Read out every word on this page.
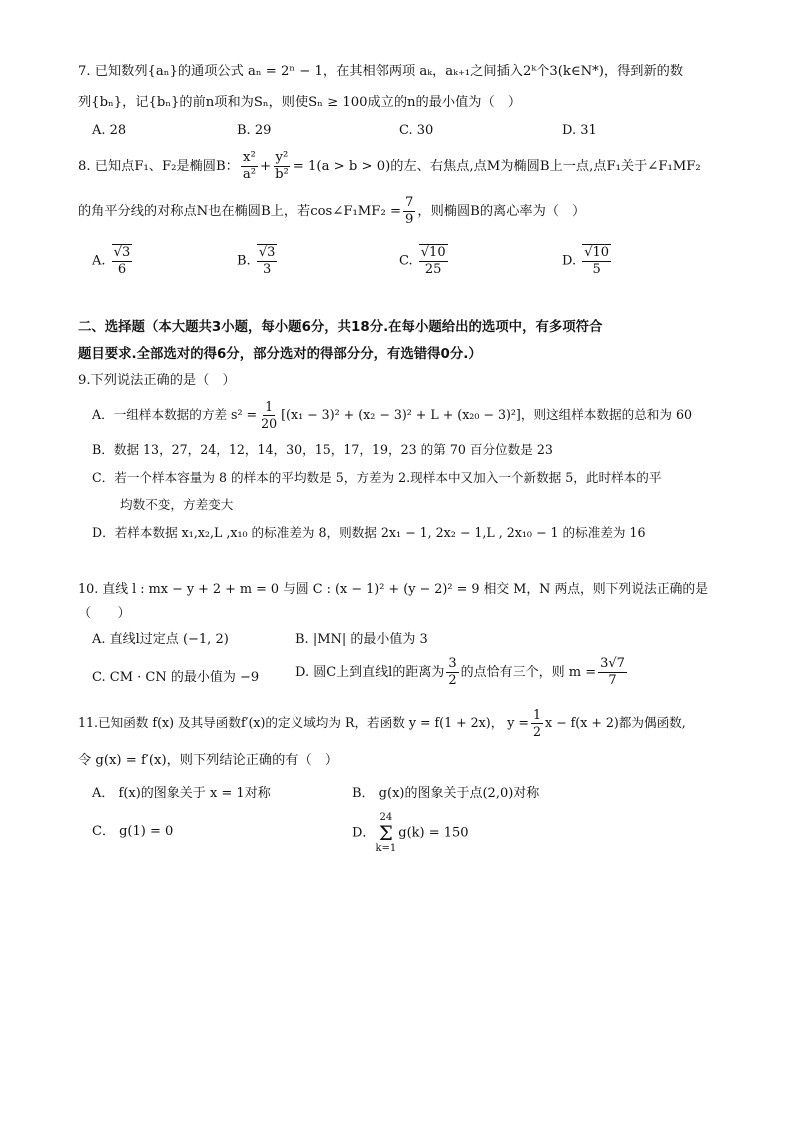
7. 已知数列{aₙ}的通项公式 aₙ = 2ⁿ − 1，在其相邻两项 aₖ，aₖ₊₁之间插入2ᵏ个3(k∈N*)，得到新的数
列{bₙ}，记{bₙ}的前n项和为Sₙ，则使Sₙ ≥ 100成立的n的最小值为（　）
A. 28	B. 29	C. 30	D. 31
8. 已知点F₁、F₂是椭圆B： $\frac{\text{x²}}{\text{a²}} + \frac{\text{y²}}{\text{b²}} = 1(a > b > 0)$的左、右焦点,点M为椭圆B上一点,点F₁关于∠F₁MF₂
的角平分线的对称点N也在椭圆B上，若cos∠F₁MF₂ = $\frac{7}{9}$ ，则椭圆B的离心率为（　）
A. $\frac{√3}{6}$	B. $\frac{√3}{3}$	C. $\frac{√10}{25}$	D. $\frac{√10}{5}$
二、选择题（本大题共3小题，每小题6分，共18分.在每小题给出的选项中，有多项符合
题目要求.全部选对的得6分，部分选对的得部分分，有选错得0分.）
9.下列说法正确的是（　）
A．一组样本数据的方差 $s^2 = \frac{1}{20} [(x_1 - 3)^2 + (x_2 - 3)^2 + L + (x_{20} - 3)^2]$，则这组样本数据的总和为 60
B．数据 13，27，24，12，14，30，15，17，19，23 的第 70 百分位数是 23
C．若一个样本容量为 8 的样本的平均数是 5，方差为 2.现样本中又加入一个新数据 5，此时样本的平
均数不变，方差变大
D．若样本数据 x₁,x₂,L ,x₁₀ 的标准差为 8，则数据 2x₁ − 1, 2x₂ − 1,L , 2x₁₀ − 1 的标准差为 16
10. 直线 l : mx − y + 2 + m = 0 与圆 C : (x − 1)² + (y − 2)² = 9 相交 M，N 两点，则下列说法正确的是
（　　）
A. 直线l过定点 (−1, 2)	B. |MN| 的最小值为 3
C. CM · CN 的最小值为 −9	D. 圆C上到直线l的距离为 $\frac{3}{2}$ 的点恰有三个，则 $m = \frac{3√7}{7}$
11.已知函数 f(x) 及其导函数f′(x)的定义域均为 R，若函数 y = f(1 + 2x)， $y = \frac{1}{2}$ x − f(x + 2)都为偶函数,
令 g(x) = f′(x)，则下列结论正确的有（　）
A． f(x)的图象关于 x = 1对称	B． g(x)的图象关于点(2,0)对称
C． g(1) = 0	D．
24
Σ
k=1
g(k) = 150
